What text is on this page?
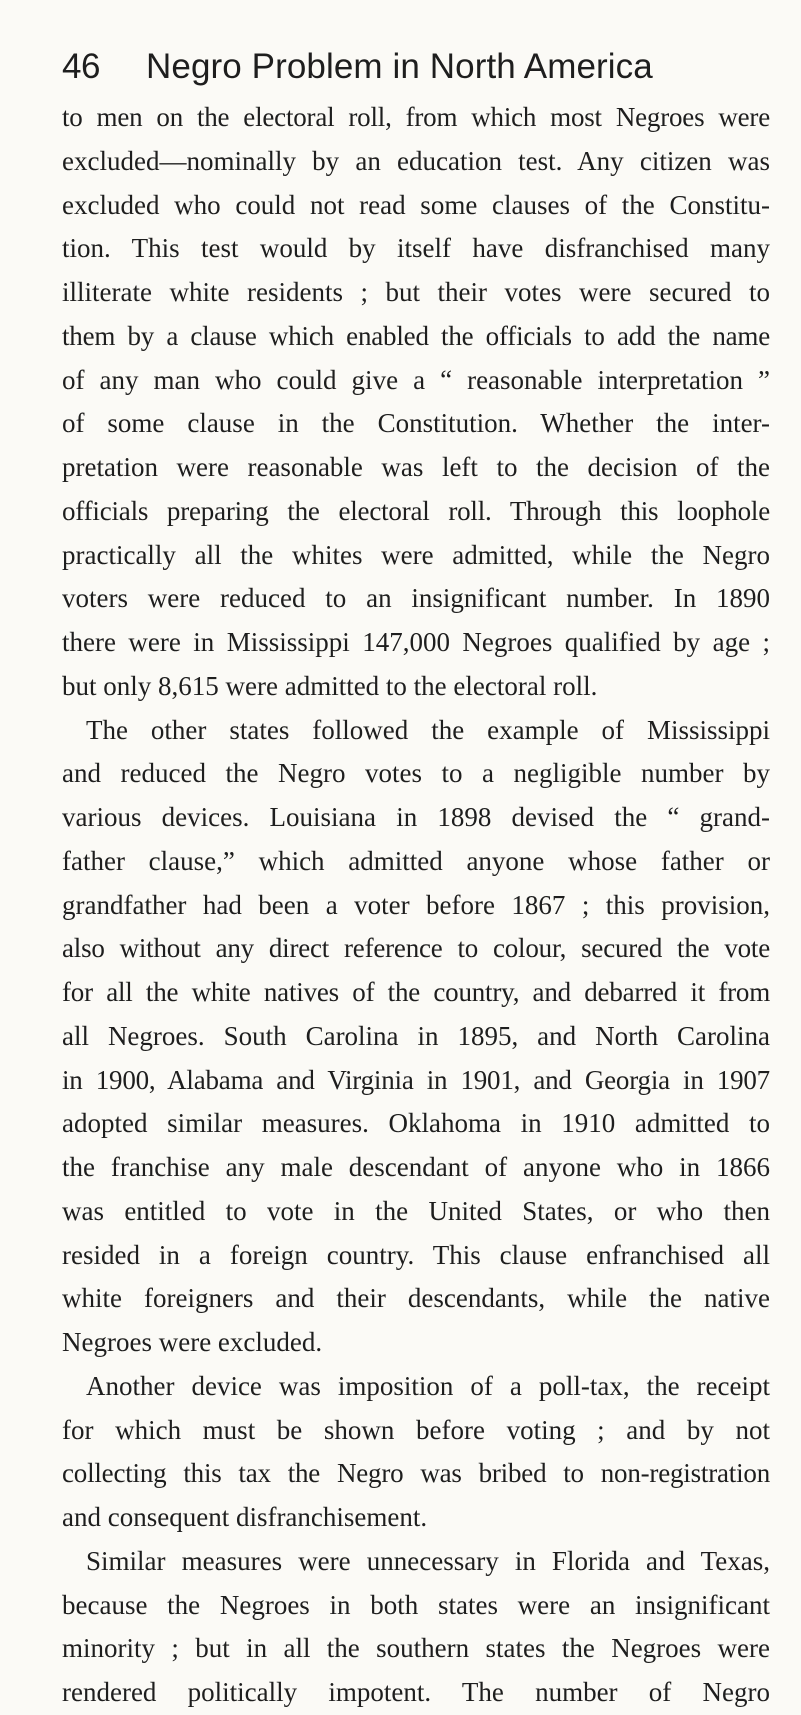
46 Negro Problem in North America
to men on the electoral roll, from which most Negroes were
excluded—nominally by an education test. Any citizen was
excluded who could not read some clauses of the Constitu-
tion. This test would by itself have disfranchised many
illiterate white residents ; but their votes were secured to
them by a clause which enabled the officials to add the name
of any man who could give a “ reasonable interpretation ”
of some clause in the Constitution. Whether the inter-
pretation were reasonable was left to the decision of the
officials preparing the electoral roll. Through this loophole
practically all the whites were admitted, while the Negro
voters were reduced to an insignificant number. In 1890
there were in Mississippi 147,000 Negroes qualified by age ;
but only 8,615 were admitted to the electoral roll.
The other states followed the example of Mississippi
and reduced the Negro votes to a negligible number by
various devices. Louisiana in 1898 devised the “ grand-
father clause,” which admitted anyone whose father or
grandfather had been a voter before 1867 ; this provision,
also without any direct reference to colour, secured the vote
for all the white natives of the country, and debarred it from
all Negroes. South Carolina in 1895, and North Carolina
in 1900, Alabama and Virginia in 1901, and Georgia in 1907
adopted similar measures. Oklahoma in 1910 admitted to
the franchise any male descendant of anyone who in 1866
was entitled to vote in the United States, or who then
resided in a foreign country. This clause enfranchised all
white foreigners and their descendants, while the native
Negroes were excluded.
Another device was imposition of a poll-tax, the receipt
for which must be shown before voting ; and by not
collecting this tax the Negro was bribed to non-registration
and consequent disfranchisement.
Similar measures were unnecessary in Florida and Texas,
because the Negroes in both states were an insignificant
minority ; but in all the southern states the Negroes were
rendered politically impotent. The number of Negro
